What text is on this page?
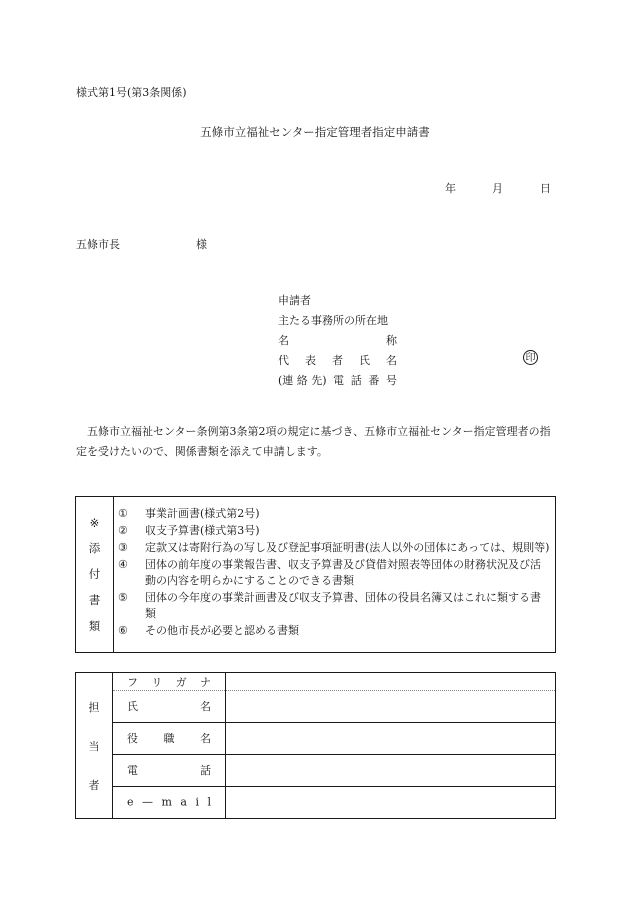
様式第1号(第3条関係)
五條市立福祉センター指定管理者指定申請書
年	月	日
五條市長	様
申請者
主たる事務所の所在地
名	称
代 表 者 氏 名	印
(連 絡 先) 電 話 番 号
五條市立福祉センター条例第3条第2項の規定に基づき、五條市立福祉センター指定管理者の指定を受けたいので、関係書類を添えて申請します。
※
添
付
書
類
①	事業計画書(様式第2号)
②	収支予算書(様式第3号)
③	定款又は寄附行為の写し及び登記事項証明書(法人以外の団体にあっては、規則等)
④	団体の前年度の事業報告書、収支予算書及び貸借対照表等団体の財務状況及び活動の内容を明らかにすることのできる書類
⑤	団体の今年度の事業計画書及び収支予算書、団体の役員名簿又はこれに類する書類
⑥	その他市長が必要と認める書類
担
当
者
フ リ ガ ナ
氏	名
役 職 名
電	話
e — m a i l
